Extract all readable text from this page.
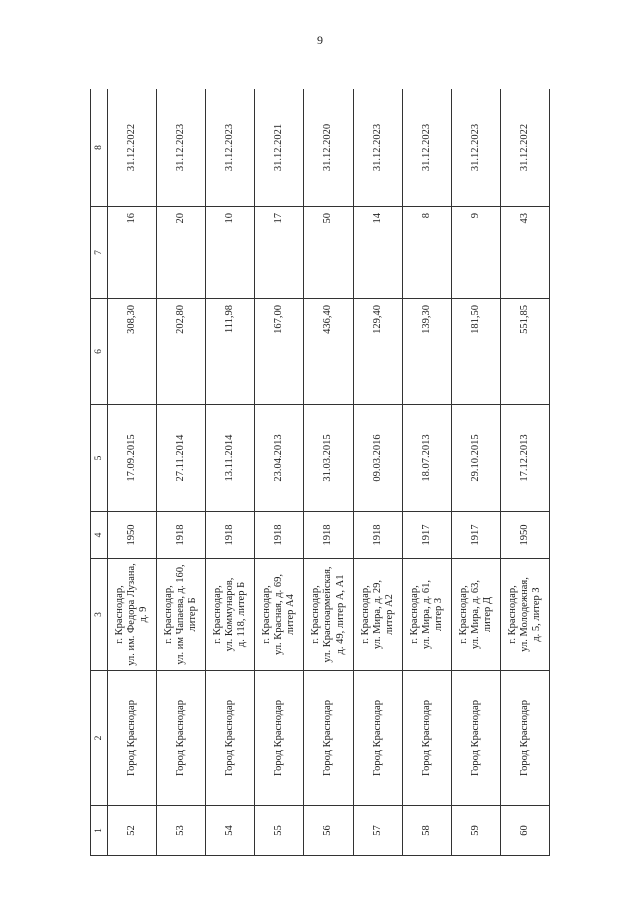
9
1	2	3	4	5	6	7	8
52	Город Краснодар	г. Краснодар, ул. им. Федора Лузана, д. 9	1950	17.09.2015	308,30	16	31.12.2022
53	Город Краснодар	г. Краснодар, ул. им Чапаева, д. 160, литер Б	1918	27.11.2014	202,80	20	31.12.2023
54	Город Краснодар	г. Краснодар, ул. Коммунаров, д. 118, литер Б	1918	13.11.2014	111,98	10	31.12.2023
55	Город Краснодар	г. Краснодар, ул. Красная, д. 69, литер А4	1918	23.04.2013	167,00	17	31.12.2021
56	Город Краснодар	г. Краснодар, ул. Красноармейская, д. 49, литер А, А1	1918	31.03.2015	436,40	50	31.12.2020
57	Город Краснодар	г. Краснодар, ул. Мира, д. 29, литер А2	1918	09.03.2016	129,40	14	31.12.2023
58	Город Краснодар	г. Краснодар, ул. Мира, д. 61, литер З	1917	18.07.2013	139,30	8	31.12.2023
59	Город Краснодар	г. Краснодар, ул. Мира, д. 63, литер Д	1917	29.10.2015	181,50	9	31.12.2023
60	Город Краснодар	г. Краснодар, ул. Молодежная, д. 5, литер З	1950	17.12.2013	551,85	43	31.12.2022
